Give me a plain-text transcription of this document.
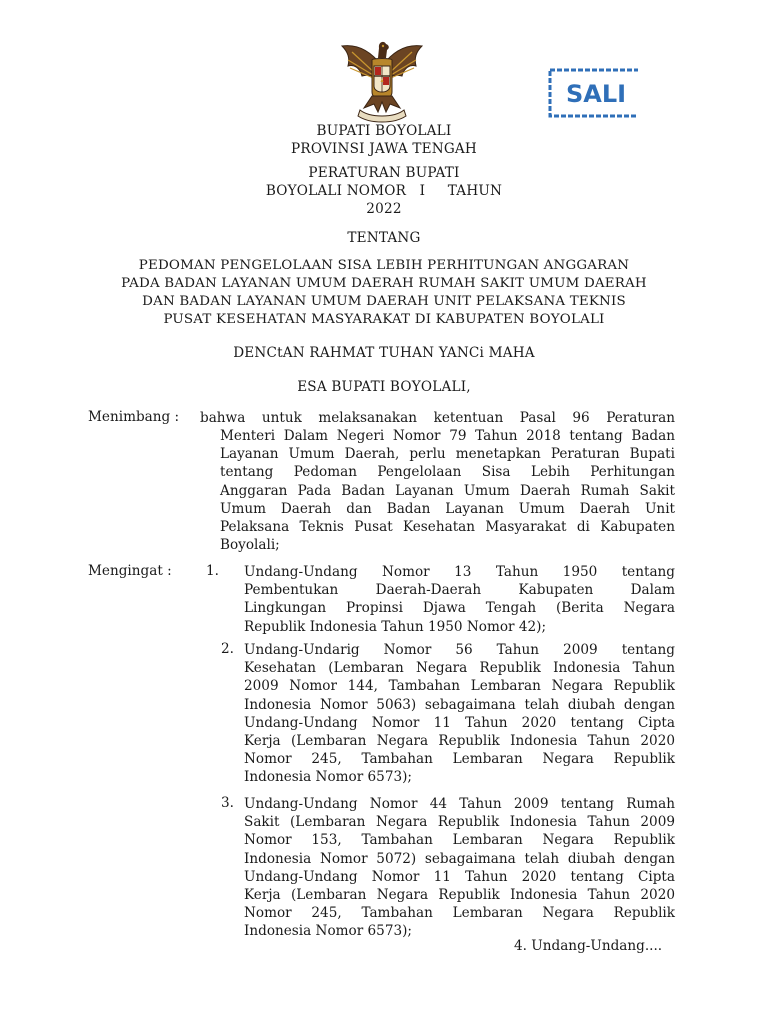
SALI
BUPATI BOYOLALI
PROVINSI JAWA TENGAH
PERATURAN BUPATI
BOYOLALI NOMOR   I     TAHUN
2022
TENTANG
PEDOMAN PENGELOLAAN SISA LEBIH PERHITUNGAN ANGGARAN
PADA BADAN LAYANAN UMUM DAERAH RUMAH SAKIT UMUM DAERAH
DAN BADAN LAYANAN UMUM DAERAH UNIT PELAKSANA TEKNIS
PUSAT KESEHATAN MASYARAKAT DI KABUPATEN BOYOLALI
DENCtAN RAHMAT TUHAN YANCi MAHA
ESA BUPATI BOYOLALI,
Menimbang : bahwa untuk melaksanakan ketentuan Pasal 96 Peraturan
Menteri Dalam Negeri Nomor 79 Tahun 2018 tentang Badan
Layanan Umum Daerah, perlu menetapkan Peraturan Bupati
tentang Pedoman Pengelolaan Sisa Lebih Perhitungan
Anggaran Pada Badan Layanan Umum Daerah Rumah Sakit
Umum Daerah dan Badan Layanan Umum Daerah Unit
Pelaksana Teknis Pusat Kesehatan Masyarakat di Kabupaten
Boyolali;
Mengingat :	1. Undang-Undang Nomor 13 Tahun 1950 tentang
Pembentukan Daerah-Daerah Kabupaten Dalam
Lingkungan Propinsi Djawa Tengah (Berita Negara
Republik Indonesia Tahun 1950 Nomor 42);
2. Undang-Undarig Nomor 56 Tahun 2009 tentang
Kesehatan (Lembaran Negara Republik Indonesia Tahun
2009 Nomor 144, Tambahan Lembaran Negara Republik
Indonesia Nomor 5063) sebagaimana telah diubah dengan
Undang-Undang Nomor 11 Tahun 2020 tentang Cipta
Kerja (Lembaran Negara Republik Indonesia Tahun 2020
Nomor 245, Tambahan Lembaran Negara Republik
Indonesia Nomor 6573);
3. Undang-Undang Nomor 44 Tahun 2009 tentang Rumah
Sakit (Lembaran Negara Republik Indonesia Tahun 2009
Nomor 153, Tambahan Lembaran Negara Republik
Indonesia Nomor 5072) sebagaimana telah diubah dengan
Undang-Undang Nomor 11 Tahun 2020 tentang Cipta
Kerja (Lembaran Negara Republik Indonesia Tahun 2020
Nomor 245, Tambahan Lembaran Negara Republik
Indonesia Nomor 6573);
4. Undang-Undang....
